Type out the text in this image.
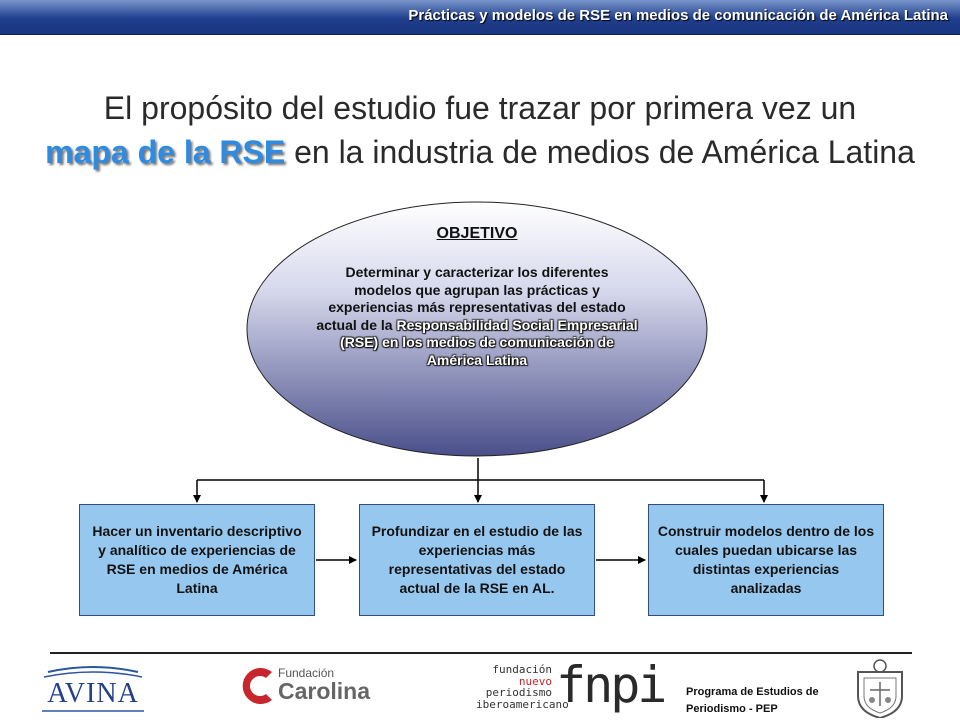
Prácticas y modelos de RSE en medios de comunicación de América Latina
El propósito del estudio fue trazar por primera vez un
mapa de la RSE en la industria de medios de América Latina
OBJETIVO
Determinar y caracterizar los diferentes modelos que agrupan las prácticas y experiencias más representativas del estado actual de la Responsabilidad Social Empresarial (RSE) en los medios de comunicación de América Latina
Hacer un inventario descriptivo y analítico de experiencias de RSE en medios de América Latina
Profundizar en el estudio de las experiencias más representativas del estado actual de la RSE en AL.
Construir modelos dentro de los cuales puedan ubicarse las distintas experiencias analizadas
AVINA
Fundación
Carolina
fundación
nuevo
periodismo
iberoamericano
fnpi Programa de Estudios de
Periodismo - PEP
